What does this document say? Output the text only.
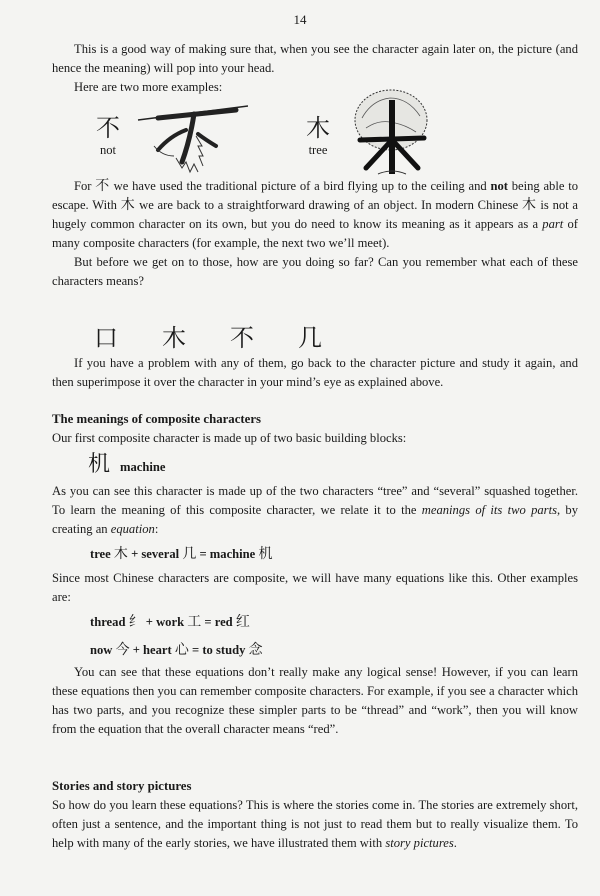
14

This is a good way of making sure that, when you see the character again later on, the picture (and hence the meaning) will pop into your head.

Here are two more examples:

不
not
木
tree

For 不 we have used the traditional picture of a bird flying up to the ceiling and not being able to escape. With 木 we are back to a straightforward drawing of an object. In modern Chinese 木 is not a hugely common character on its own, but you do need to know its meaning as it appears as a part of many composite characters (for example, the next two we’ll meet).

But before we get on to those, how are you doing so far? Can you remember what each of these characters means?

口 木 不 几

If you have a problem with any of them, go back to the character picture and study it again, and then superimpose it over the character in your mind’s eye as explained above.

The meanings of composite characters

Our first composite character is made up of two basic building blocks:

机 machine

As you can see this character is made up of the two characters “tree” and “several” squashed together. To learn the meaning of this composite character, we relate it to the meanings of its two parts, by creating an equation:

tree 木 + several 几 = machine 机

Since most Chinese characters are composite, we will have many equations like this. Other examples are:

thread 纟 + work 工 = red 红
now 今 + heart 心 = to study 念

You can see that these equations don’t really make any logical sense! However, if you can learn these equations then you can remember composite characters. For example, if you see a character which has two parts, and you recognize these simpler parts to be “thread” and “work”, then you will know from the equation that the overall character means “red”.

Stories and story pictures

So how do you learn these equations? This is where the stories come in. The stories are extremely short, often just a sentence, and the important thing is not just to read them but to really visualize them. To help with many of the early stories, we have illustrated them with story pictures.
